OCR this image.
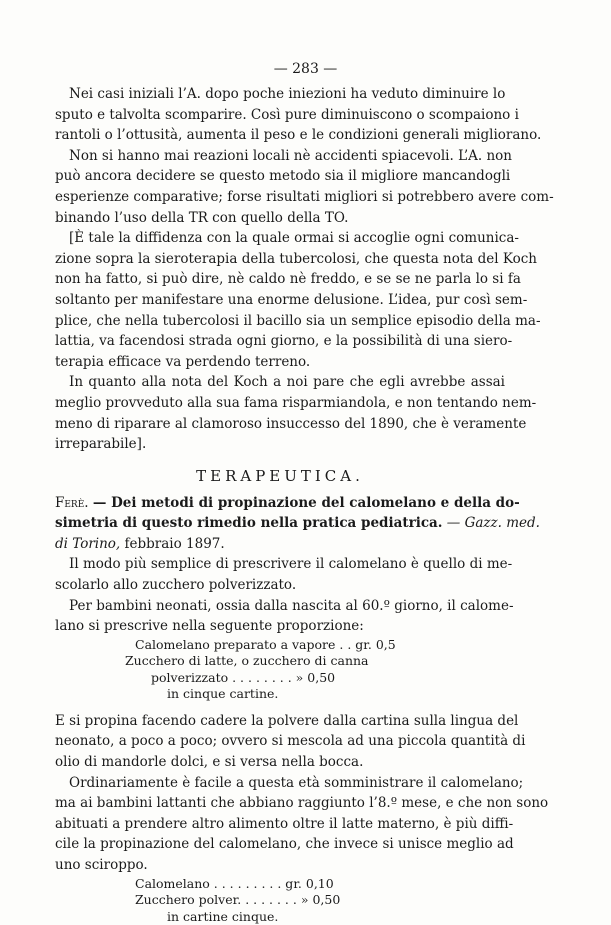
— 283 —
Nei casi iniziali l’A. dopo poche iniezioni ha veduto diminuire lo
sputo e talvolta scomparire. Così pure diminuiscono o scompaiono i
rantoli o l’ottusità, aumenta il peso e le condizioni generali migliorano.
Non si hanno mai reazioni locali nè accidenti spiacevoli. L’A. non
può ancora decidere se questo metodo sia il migliore mancandogli
esperienze comparative; forse risultati migliori si potrebbero avere com-
binando l’uso della TR con quello della TO.
[È tale la diffidenza con la quale ormai si accoglie ogni comunica-
zione sopra la sieroterapia della tubercolosi, che questa nota del Koch
non ha fatto, si può dire, nè caldo nè freddo, e se se ne parla lo si fa
soltanto per manifestare una enorme delusione. L’idea, pur così sem-
plice, che nella tubercolosi il bacillo sia un semplice episodio della ma-
lattia, va facendosi strada ogni giorno, e la possibilità di una siero-
terapia efficace va perdendo terreno.
In quanto alla nota del Koch a noi pare che egli avrebbe assai
meglio provveduto alla sua fama risparmiandola, e non tentando nem-
meno di riparare al clamoroso insuccesso del 1890, che è veramente
irreparabile].
TERAPEUTICA.
Ferè. — Dei metodi di propinazione del calomelano e della do-
simetria di questo rimedio nella pratica pediatrica. — Gazz. med.
di Torino, febbraio 1897.
Il modo più semplice di prescrivere il calomelano è quello di me-
scolarlo allo zucchero polverizzato.
Per bambini neonati, ossia dalla nascita al 60.º giorno, il calome-
lano si prescrive nella seguente proporzione:
Calomelano preparato a vapore . . gr. 0,5
Zucchero di latte, o zucchero di canna
polverizzato . . . . . . . . » 0,50
in cinque cartine.
E si propina facendo cadere la polvere dalla cartina sulla lingua del
neonato, a poco a poco; ovvero si mescola ad una piccola quantità di
olio di mandorle dolci, e si versa nella bocca.
Ordinariamente è facile a questa età somministrare il calomelano;
ma ai bambini lattanti che abbiano raggiunto l’8.º mese, e che non sono
abituati a prendere altro alimento oltre il latte materno, è più diffi-
cile la propinazione del calomelano, che invece si unisce meglio ad
uno sciroppo.
Calomelano . . . . . . . . . gr. 0,10
Zucchero polver. . . . . . . . » 0,50
in cartine cinque.
